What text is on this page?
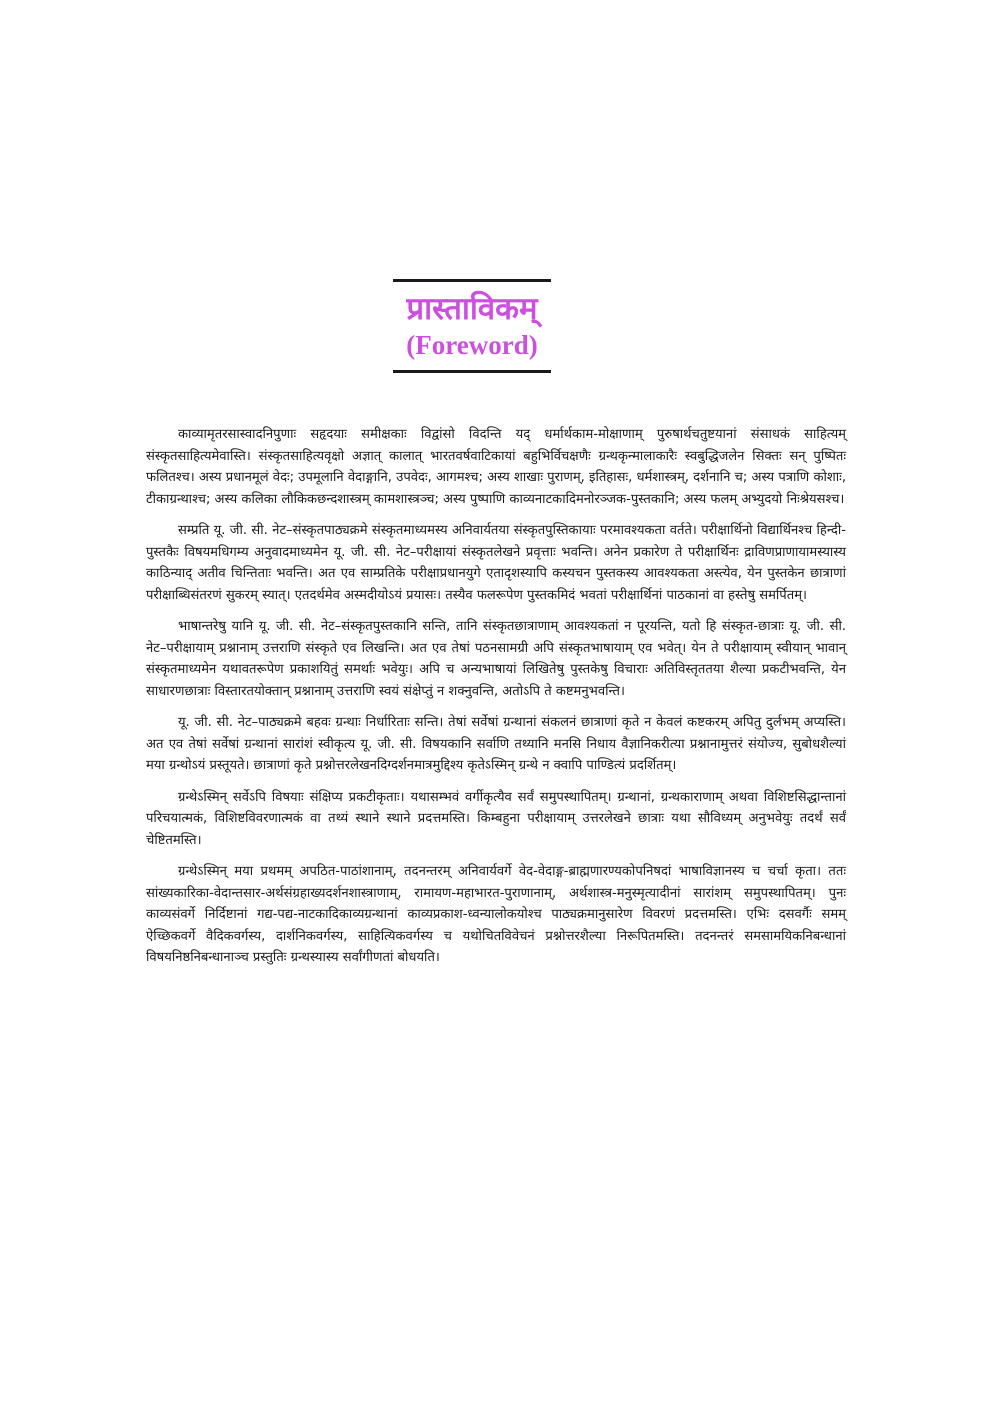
प्रास्ताविकम्
(Foreword)

काव्यामृतरसास्वादनिपुणाः सहृदयाः समीक्षकाः विद्वांसो विदन्ति यद् धर्मार्थकाम-मोक्षाणाम् पुरुषार्थचतुष्टयानां संसाधकं साहित्यम् संस्कृतसाहित्यमेवास्ति। संस्कृतसाहित्यवृक्षो अज्ञात् कालात् भारतवर्षवाटिकायां बहुभिर्विचक्षणैः ग्रन्थकृन्मालाकारैः स्वबुद्धिजलेन सिक्तः सन् पुष्पितः फलितश्च। अस्य प्रधानमूलं वेदः; उपमूलानि वेदाङ्गानि, उपवेदः, आगमश्च; अस्य शाखाः पुराणम्, इतिहासः, धर्मशास्त्रम्, दर्शनानि च; अस्य पत्राणि कोशाः, टीकाग्रन्थाश्च; अस्य कलिका लौकिकछन्दशास्त्रम् कामशास्त्रञ्च; अस्य पुष्पाणि काव्यनाटकादिमनोरञ्जक-पुस्तकानि; अस्य फलम् अभ्युदयो निःश्रेयसश्च।

सम्प्रति यू. जी. सी. नेट–संस्कृतपाठ्यक्रमे संस्कृतमाध्यमस्य अनिवार्यतया संस्कृतपुस्तिकायाः परमावश्यकता वर्तते। परीक्षार्थिनो विद्यार्थिनश्च हिन्दी-पुस्तकैः विषयमधिगम्य अनुवादमाध्यमेन यू. जी. सी. नेट–परीक्षायां संस्कृतलेखने प्रवृत्ताः भवन्ति। अनेन प्रकारेण ते परीक्षार्थिनः द्राविणप्राणायामस्यास्य काठिन्याद् अतीव चिन्तिताः भवन्ति। अत एव साम्प्रतिके परीक्षाप्रधानयुगे एतादृशस्यापि कस्यचन पुस्तकस्य आवश्यकता अस्त्येव, येन पुस्तकेन छात्राणां परीक्षाब्धिसंतरणं सुकरम् स्यात्। एतदर्थमेव अस्मदीयोऽयं प्रयासः। तस्यैव फलरूपेण पुस्तकमिदं भवतां परीक्षार्थिनां पाठकानां वा हस्तेषु समर्पितम्।

भाषान्तरेषु यानि यू. जी. सी. नेट–संस्कृतपुस्तकानि सन्ति, तानि संस्कृतछात्राणाम् आवश्यकतां न पूरयन्ति, यतो हि संस्कृत-छात्राः यू. जी. सी. नेट–परीक्षायाम् प्रश्नानाम् उत्तराणि संस्कृते एव लिखन्ति। अत एव तेषां पठनसामग्री अपि संस्कृतभाषायाम् एव भवेत्। येन ते परीक्षायाम् स्वीयान् भावान् संस्कृतमाध्यमेन यथावतरूपेण प्रकाशयितुं समर्थाः भवेयुः। अपि च अन्यभाषायां लिखितेषु पुस्तकेषु विचाराः अतिविस्तृततया शैल्या प्रकटीभवन्ति, येन साधारणछात्राः विस्तारतयोक्तान् प्रश्नानाम् उत्तराणि स्वयं संक्षेप्तुं न शक्नुवन्ति, अतोऽपि ते कष्टमनुभवन्ति।

यू. जी. सी. नेट–पाठ्यक्रमे बहवः ग्रन्थाः निर्धारिताः सन्ति। तेषां सर्वेषां ग्रन्थानां संकलनं छात्राणां कृते न केवलं कष्टकरम् अपितु दुर्लभम् अप्यस्ति। अत एव तेषां सर्वेषां ग्रन्थानां सारांशं स्वीकृत्य यू. जी. सी. विषयकानि सर्वाणि तथ्यानि मनसि निधाय वैज्ञानिकरीत्या प्रश्नानामुत्तरं संयोज्य, सुबोधशैल्यां मया ग्रन्थोऽयं प्रस्तूयते। छात्राणां कृते प्रश्नोत्तरलेखनदिग्दर्शनमात्रमुद्दिश्य कृतेऽस्मिन् ग्रन्थे न क्वापि पाण्डित्यं प्रदर्शितम्।

ग्रन्थेऽस्मिन् सर्वेऽपि विषयाः संक्षिप्य प्रकटीकृताः। यथासम्भवं वर्गीकृत्यैव सर्वं समुपस्थापितम्। ग्रन्थानां, ग्रन्थकाराणाम् अथवा विशिष्टसिद्धान्तानां परिचयात्मकं, विशिष्टविवरणात्मकं वा तथ्यं स्थाने स्थाने प्रदत्तमस्ति। किम्बहुना परीक्षायाम् उत्तरलेखने छात्राः यथा सौविध्यम् अनुभवेयुः तदर्थं सर्वं चेष्टितमस्ति।

ग्रन्थेऽस्मिन् मया प्रथमम् अपठित-पाठांशानाम्, तदनन्तरम् अनिवार्यवर्गे वेद-वेदाङ्ग-ब्राह्मणारण्यकोपनिषदां भाषाविज्ञानस्य च चर्चा कृता। ततः सांख्यकारिका-वेदान्तसार-अर्थसंग्रहाख्यदर्शनशास्त्राणाम्, रामायण-महाभारत-पुराणानाम्, अर्थशास्त्र-मनुस्मृत्यादीनां सारांशम् समुपस्थापितम्। पुनः काव्यसंवर्गे निर्दिष्टानां गद्य-पद्य-नाटकादिकाव्यग्रन्थानां काव्यप्रकाश-ध्वन्यालोकयोश्च पाठ्यक्रमानुसारेण विवरणं प्रदत्तमस्ति। एभिः दसवर्गैः समम् ऐच्छिकवर्गे वैदिकवर्गस्य, दार्शनिकवर्गस्य, साहित्यिकवर्गस्य च यथोचितविवेचनं प्रश्नोत्तरशैल्या निरूपितमस्ति। तदनन्तरं समसामयिकनिबन्धानां विषयनिष्ठनिबन्धानाञ्च प्रस्तुतिः ग्रन्थस्यास्य सर्वांगीणतां बोधयति।
